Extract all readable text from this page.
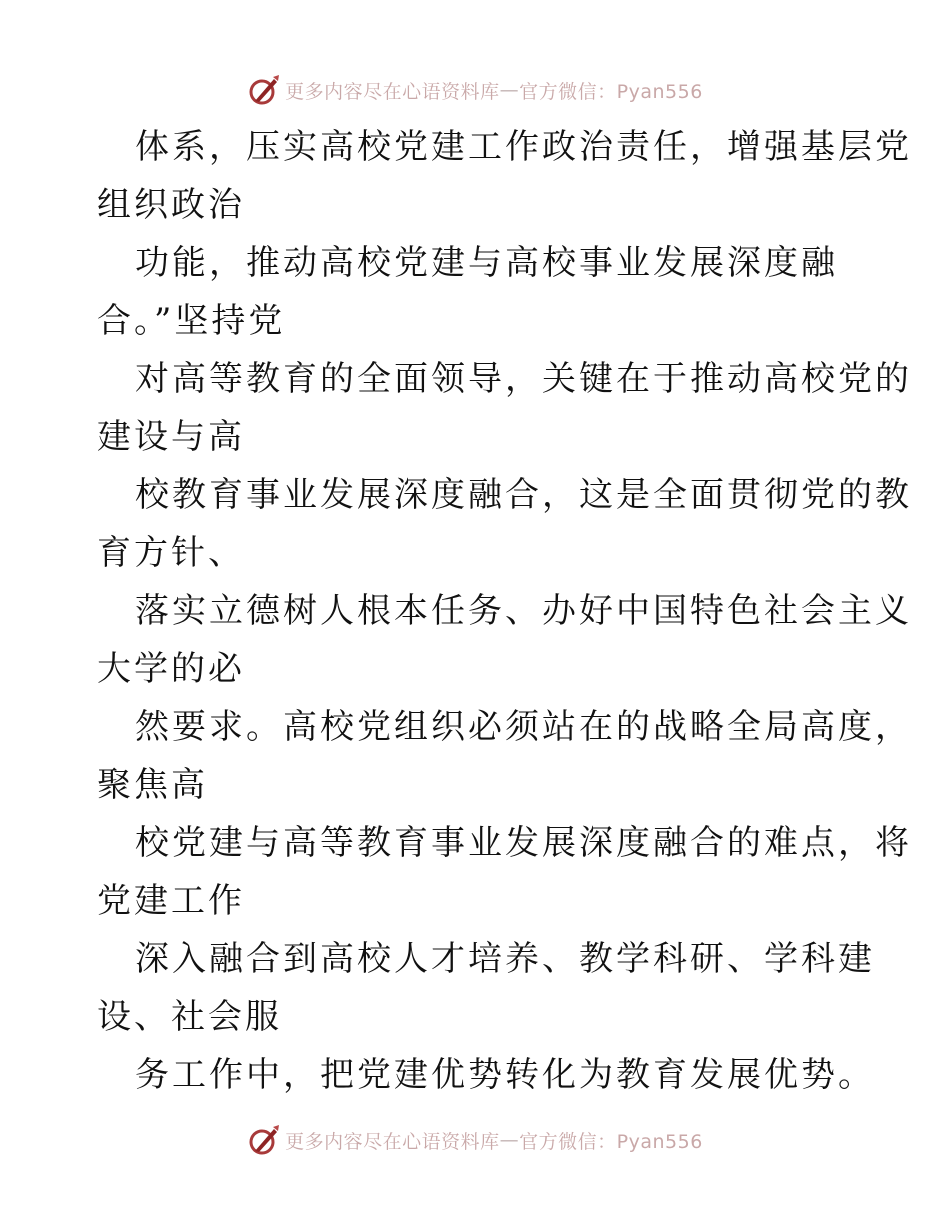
更多内容尽在心语资料库 — 官方微信：Pyan556

体系，压实高校党建工作政治责任，增强基层党
组织政治

功能，推动高校党建与高校事业发展深度融
合。”坚持党

对高等教育的全面领导，关键在于推动高校党的
建设与高

校教育事业发展深度融合，这是全面贯彻党的教
育方针、

落实立德树人根本任务、办好中国特色社会主义
大学的必

然要求。高校党组织必须站在的战略全局高度，
聚焦高

校党建与高等教育事业发展深度融合的难点，将
党建工作

深入融合到高校人才培养、教学科研、学科建
设、社会服

务工作中，把党建优势转化为教育发展优势。

更多内容尽在心语资料库 — 官方微信：Pyan556
